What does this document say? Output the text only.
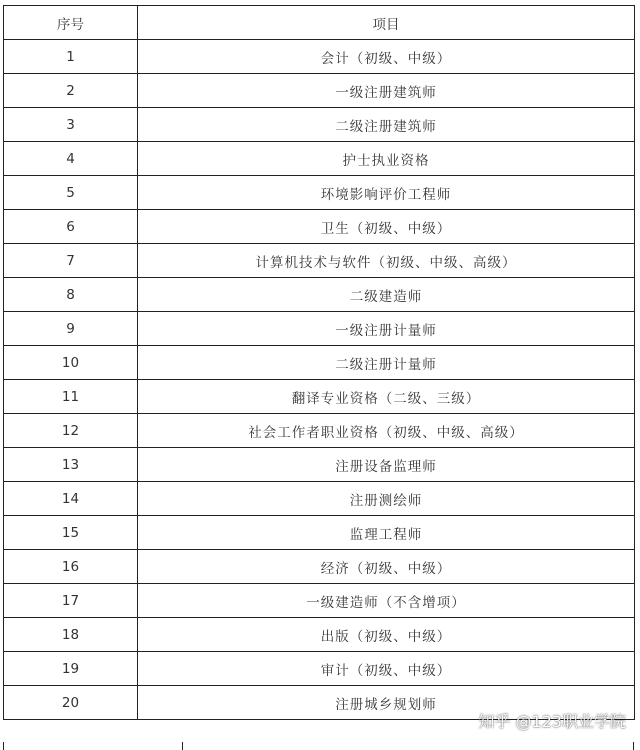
序号	项目
1	会计（初级、中级）
2	一级注册建筑师
3	二级注册建筑师
4	护士执业资格
5	环境影响评价工程师
6	卫生（初级、中级）
7	计算机技术与软件（初级、中级、高级）
8	二级建造师
9	一级注册计量师
10	二级注册计量师
11	翻译专业资格（二级、三级）
12	社会工作者职业资格（初级、中级、高级）
13	注册设备监理师
14	注册测绘师
15	监理工程师
16	经济（初级、中级）
17	一级建造师（不含增项）
18	出版（初级、中级）
19	审计（初级、中级）
20	注册城乡规划师
知乎 @123职业学院
